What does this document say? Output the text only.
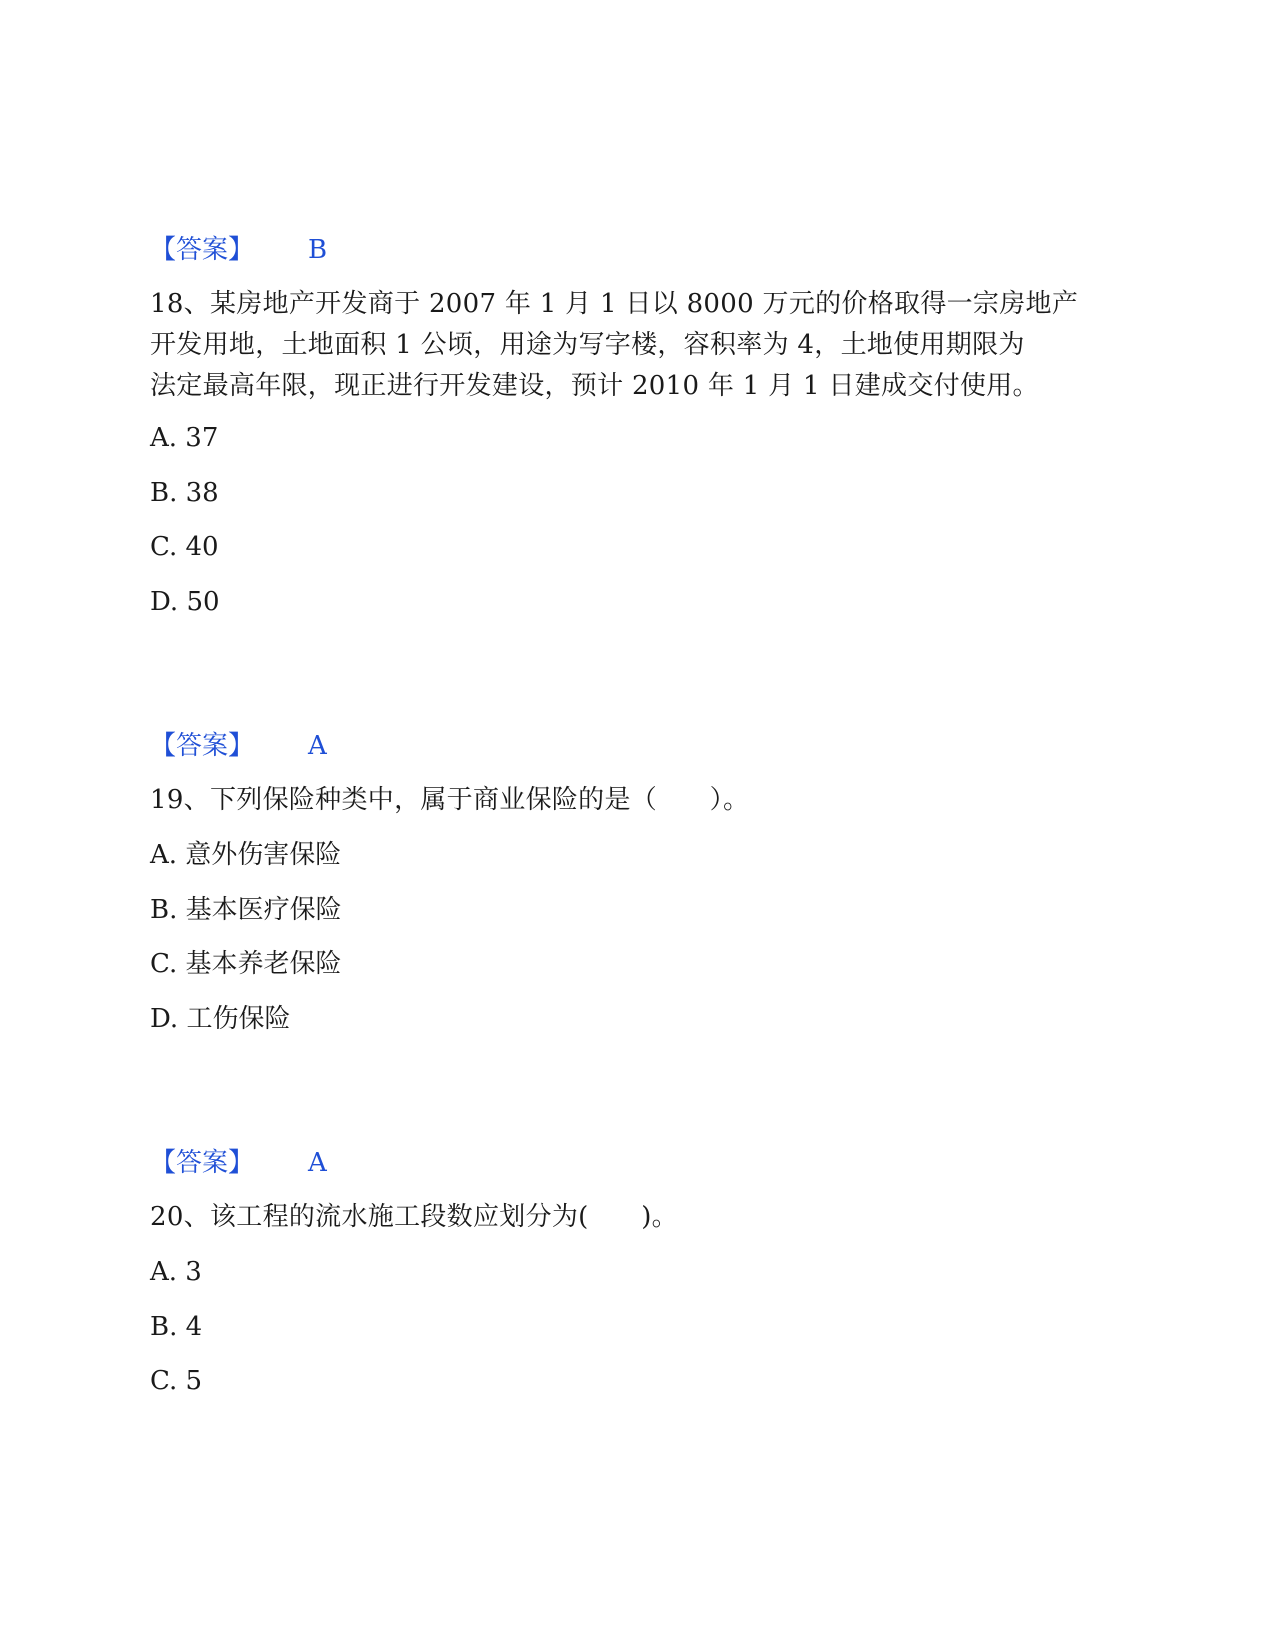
【答案】 B
18、某房地产开发商于 2007 年 1 月 1 日以 8000 万元的价格取得一宗房地产
开发用地，土地面积 1 公顷，用途为写字楼，容积率为 4，土地使用期限为
法定最高年限，现正进行开发建设，预计 2010 年 1 月 1 日建成交付使用。
A. 37
B. 38
C. 40
D. 50
【答案】 A
19、下列保险种类中，属于商业保险的是（　　）。
A. 意外伤害保险
B. 基本医疗保险
C. 基本养老保险
D. 工伤保险
【答案】 A
20、该工程的流水施工段数应划分为(　　)。
A. 3
B. 4
C. 5
